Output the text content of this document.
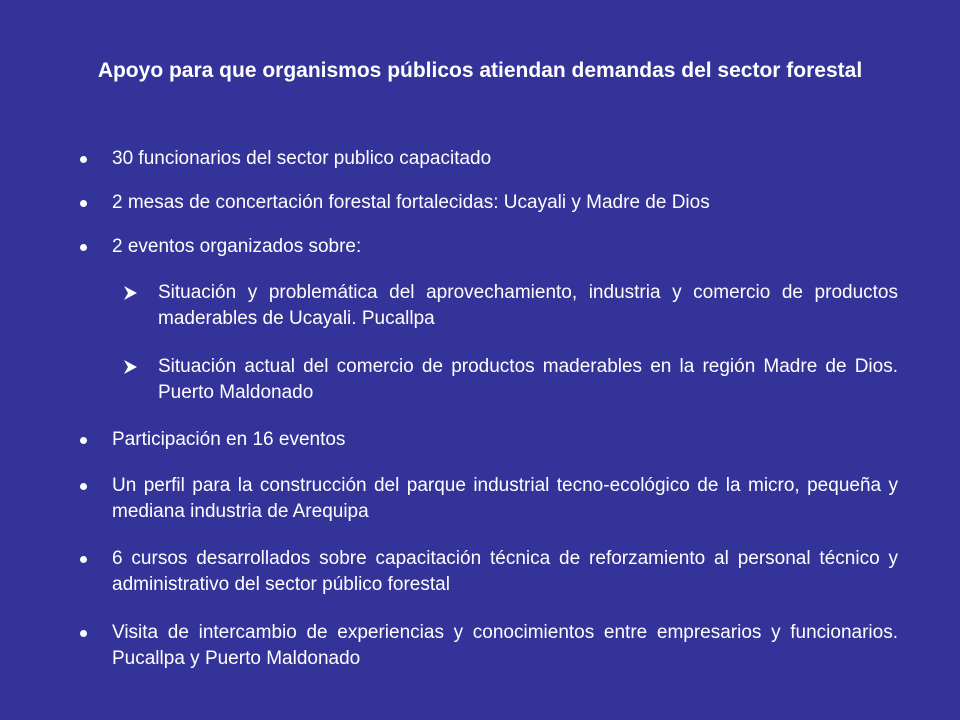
Apoyo para que organismos públicos atiendan demandas del sector forestal
30 funcionarios del sector publico capacitado
2 mesas de concertación forestal fortalecidas: Ucayali y Madre de Dios
2 eventos organizados sobre:
Situación y problemática del aprovechamiento, industria y comercio de productos maderables de Ucayali. Pucallpa
Situación actual del comercio de productos maderables en la región Madre de Dios. Puerto Maldonado
Participación en 16 eventos
Un perfil para la construcción del parque industrial tecno-ecológico de la micro, pequeña y mediana industria de Arequipa
6 cursos desarrollados sobre capacitación técnica de reforzamiento al personal técnico y administrativo del sector público forestal
Visita de intercambio de experiencias y conocimientos entre empresarios y funcionarios. Pucallpa y Puerto Maldonado
